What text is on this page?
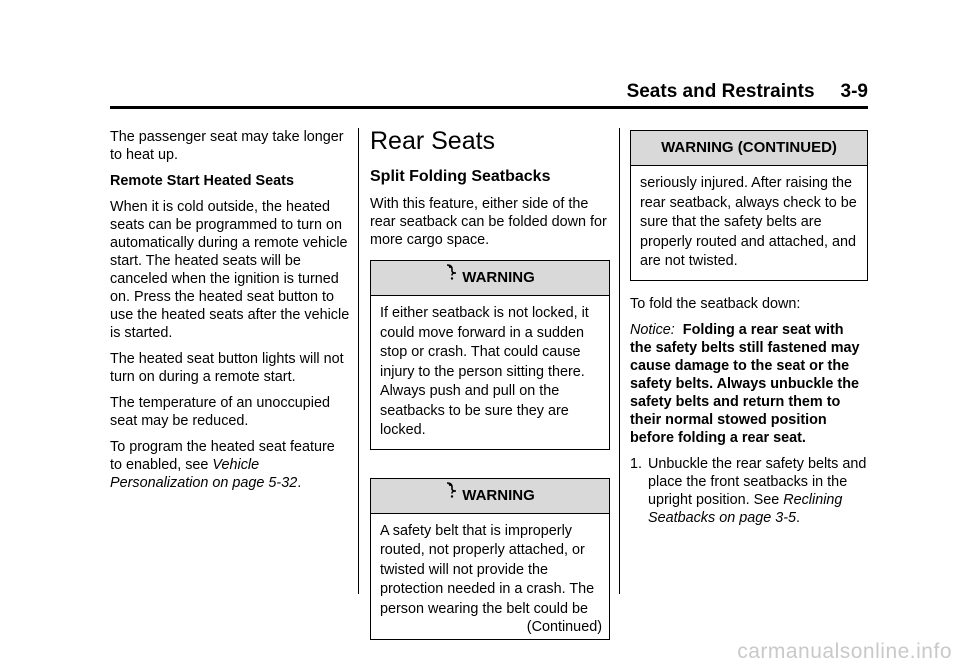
Seats and Restraints 3-9

The passenger seat may take longer to heat up.

Remote Start Heated Seats

When it is cold outside, the heated seats can be programmed to turn on automatically during a remote vehicle start. The heated seats will be canceled when the ignition is turned on. Press the heated seat button to use the heated seats after the vehicle is started.

The heated seat button lights will not turn on during a remote start.

The temperature of an unoccupied seat may be reduced.

To program the heated seat feature to enabled, see Vehicle Personalization on page 5-32.

Rear Seats
Split Folding Seatbacks

With this feature, either side of the rear seatback can be folded down for more cargo space.

WARNING
If either seatback is not locked, it could move forward in a sudden stop or crash. That could cause injury to the person sitting there. Always push and pull on the seatbacks to be sure they are locked.
WARNING
A safety belt that is improperly routed, not properly attached, or twisted will not provide the protection needed in a crash. The person wearing the belt could be
(Continued)
WARNING (CONTINUED)
seriously injured. After raising the rear seatback, always check to be sure that the safety belts are properly routed and attached, and are not twisted.

To fold the seatback down:

Notice: Folding a rear seat with the safety belts still fastened may cause damage to the seat or the safety belts. Always unbuckle the safety belts and return them to their normal stowed position before folding a rear seat.

1. Unbuckle the rear safety belts and place the front seatbacks in the upright position. See Reclining Seatbacks on page 3-5.
carmanualsonline.info
